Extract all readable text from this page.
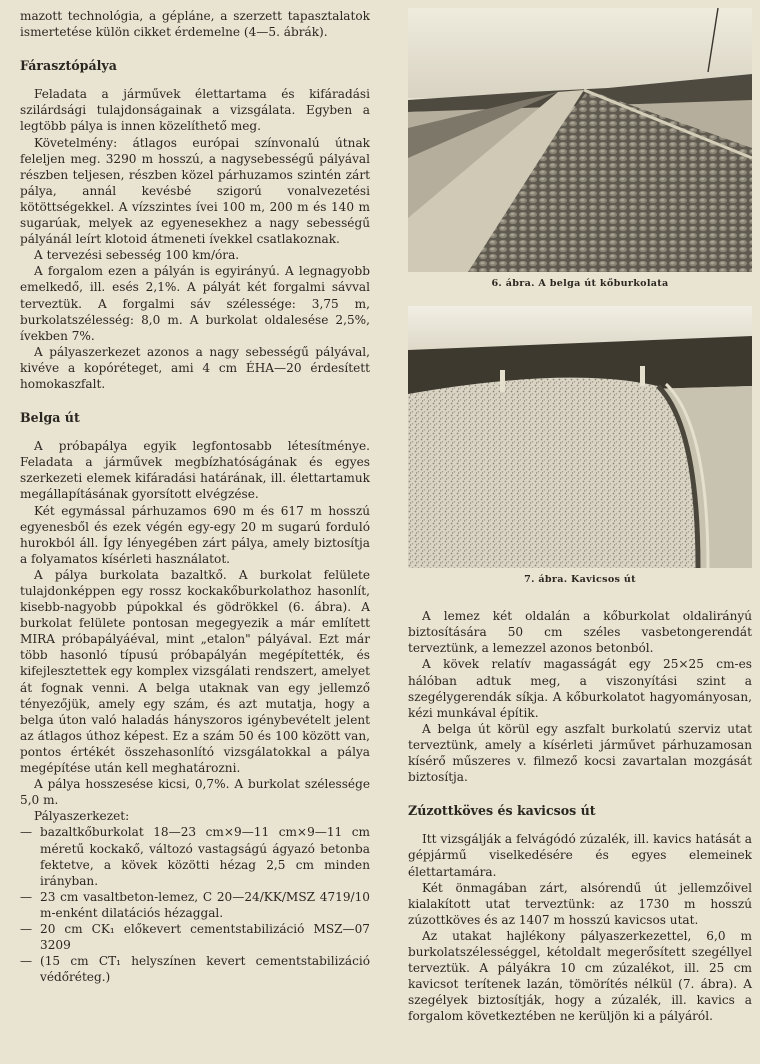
mazott technológia, a gépláne, a szerzett tapasztalatok ismertetése külön cikket érdemelne (4—5. ábrák).

Fárasztópálya

Feladata a járművek élettartama és kifáradási szilárdsági tulajdonságainak a vizsgálata. Egyben a legtöbb pálya is innen közelíthető meg.

Követelmény: átlagos európai színvonalú útnak feleljen meg. 3290 m hosszú, a nagysebességű pályával részben teljesen, részben közel párhuzamos szintén zárt pálya, annál kevésbé szigorú vonalvezetési kötöttségekkel. A vízszintes ívei 100 m, 200 m és 140 m sugarúak, melyek az egyenesekhez a nagy sebességű pályánál leírt klotoid átmeneti ívekkel csatlakoznak.

A tervezési sebesség 100 km/óra.

A forgalom ezen a pályán is egyirányú. A legnagyobb emelkedő, ill. esés 2,1%. A pályát két forgalmi sávval terveztük. A forgalmi sáv szélessége: 3,75 m, burkolatszélesség: 8,0 m. A burkolat oldalesése 2,5%, ívekben 7%.

A pályaszerkezet azonos a nagy sebességű pályával, kivéve a kopóréteget, ami 4 cm ÉHA—20 érdesített homokaszfalt.

Belga út

A próbapálya egyik legfontosabb létesítménye. Feladata a járművek megbízhatóságának és egyes szerkezeti elemek kifáradási határának, ill. élettartamuk megállapításának gyorsított elvégzése.

Két egymással párhuzamos 690 m és 617 m hosszú egyenesből és ezek végén egy-egy 20 m sugarú forduló hurokból áll. Így lényegében zárt pálya, amely biztosítja a folyamatos kísérleti használatot.

A pálya burkolata bazaltkő. A burkolat felülete tulajdonképpen egy rossz kockakőburkolathoz hasonlít, kisebb-nagyobb púpokkal és gödrökkel (6. ábra). A burkolat felülete pontosan megegyezik a már említett MIRA próbapályáéval, mint „etalon" pályával. Ezt már több hasonló típusú próbapályán megépítették, és kifejlesztettek egy komplex vizsgálati rendszert, amelyet át fognak venni. A belga utaknak van egy jellemző tényezőjük, amely egy szám, és azt mutatja, hogy a belga úton való haladás hányszoros igénybevételt jelent az átlagos úthoz képest. Ez a szám 50 és 100 között van, pontos értékét összehasonlító vizsgálatokkal a pálya megépítése után kell meghatározni.

A pálya hosszesése kicsi, 0,7%. A burkolat szélessége 5,0 m.

Pályaszerkezet:

— bazaltkőburkolat 18—23 cm×9—11 cm×9—11 cm méretű kockakő, változó vastagságú ágyazó betonba fektetve, a kövek közötti hézag 2,5 cm minden irányban.
— 23 cm vasaltbeton-lemez, C 20—24/KK/MSZ 4719/10 m-enként dilatációs hézaggal.
— 20 cm CK₁ előkevert cementstabilizáció MSZ—07 3209
— (15 cm CT₁ helyszínen kevert cementstabilizáció védőréteg.)
6. ábra. A belga út kőburkolata
7. ábra. Kavicsos út

A lemez két oldalán a kőburkolat oldalirányú biztosítására 50 cm széles vasbetongerendát terveztünk, a lemezzel azonos betonból.

A kövek relatív magasságát egy 25×25 cm-es hálóban adtuk meg, a viszonyítási szint a szegélygerendák síkja. A kőburkolatot hagyományosan, kézi munkával építik.

A belga út körül egy aszfalt burkolatú szerviz utat terveztünk, amely a kísérleti járművet párhuzamosan kísérő műszeres v. filmező kocsi zavartalan mozgását biztosítja.

Zúzottköves és kavicsos út

Itt vizsgálják a felvágódó zúzalék, ill. kavics hatását a gépjármű viselkedésére és egyes elemeinek élettartamára.

Két önmagában zárt, alsórendű út jellemzőivel kialakított utat terveztünk: az 1730 m hosszú zúzottköves és az 1407 m hosszú kavicsos utat.

Az utakat hajlékony pályaszerkezettel, 6,0 m burkolatszélességgel, kétoldalt megerősített szegéllyel terveztük. A pályákra 10 cm zúzalékot, ill. 25 cm kavicsot terítenek lazán, tömörítés nélkül (7. ábra). A szegélyek biztosítják, hogy a zúzalék, ill. kavics a forgalom következtében ne kerüljön ki a pályáról.
